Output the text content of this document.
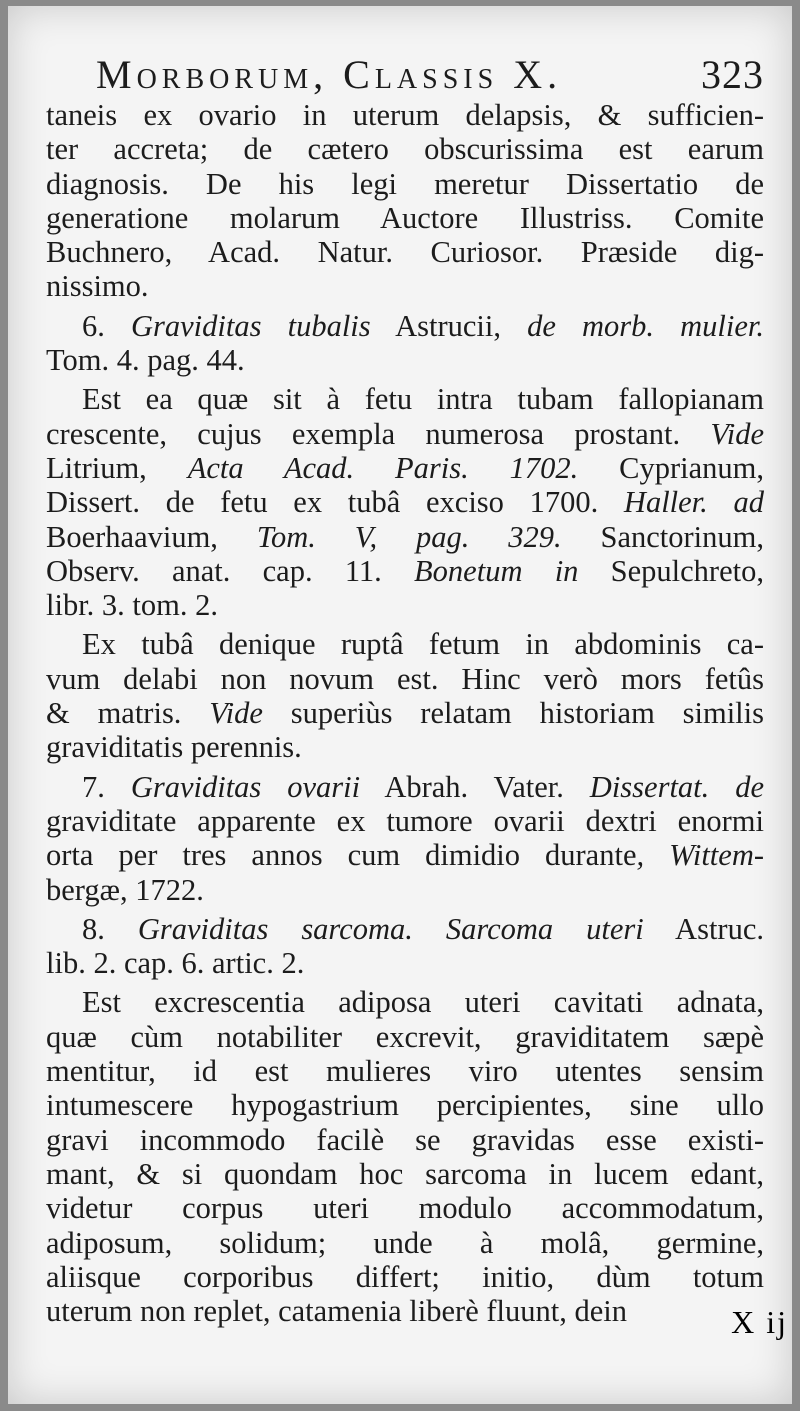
Morborum, Classis X.	323
taneis ex ovario in uterum delapsis, & sufficien-
ter accreta; de cætero obscurissima est earum
diagnosis. De his legi meretur Dissertatio de
generatione molarum Auctore Illustriss. Comite
Buchnero, Acad. Natur. Curiosor. Præside dig-
nissimo.
6. Graviditas tubalis Astrucii, de morb. mulier.
Tom. 4. pag. 44.
Est ea quæ sit à fetu intra tubam fallopianam
crescente, cujus exempla numerosa prostant. Vide
Litrium, Acta Acad. Paris. 1702. Cyprianum,
Dissert. de fetu ex tubâ exciso 1700. Haller. ad
Boerhaavium, Tom. V, pag. 329. Sanctorinum,
Observ. anat. cap. 11. Bonetum in Sepulchreto,
libr. 3. tom. 2.
Ex tubâ denique ruptâ fetum in abdominis ca-
vum delabi non novum est. Hinc verò mors fetûs
& matris. Vide superiùs relatam historiam similis
graviditatis perennis.
7. Graviditas ovarii Abrah. Vater. Dissertat. de
graviditate apparente ex tumore ovarii dextri enormi
orta per tres annos cum dimidio durante, Wittem-
bergæ, 1722.
8. Graviditas sarcoma. Sarcoma uteri Astruc.
lib. 2. cap. 6. artic. 2.
Est excrescentia adiposa uteri cavitati adnata,
quæ cùm notabiliter excrevit, graviditatem sæpè
mentitur, id est mulieres viro utentes sensim
intumescere hypogastrium percipientes, sine ullo
gravi incommodo facilè se gravidas esse existi-
mant, & si quondam hoc sarcoma in lucem edant,
videtur corpus uteri modulo accommodatum,
adiposum, solidum; unde à molâ, germine,
aliisque corporibus differt; initio, dùm totum
uterum non replet, catamenia liberè fluunt, dein	X ij
